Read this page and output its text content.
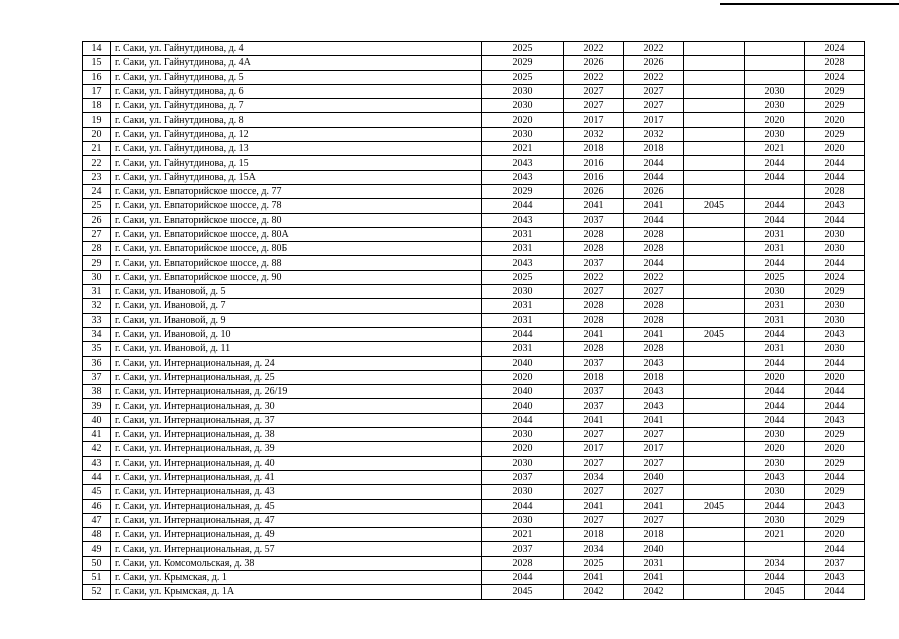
14	г. Саки, ул. Гайнутдинова, д. 4	2025	2022	2022			2024
15	г. Саки, ул. Гайнутдинова, д. 4А	2029	2026	2026			2028
16	г. Саки, ул. Гайнутдинова, д. 5	2025	2022	2022			2024
17	г. Саки, ул. Гайнутдинова, д. 6	2030	2027	2027		2030	2029
18	г. Саки, ул. Гайнутдинова, д. 7	2030	2027	2027		2030	2029
19	г. Саки, ул. Гайнутдинова, д. 8	2020	2017	2017		2020	2020
20	г. Саки, ул. Гайнутдинова, д. 12	2030	2032	2032		2030	2029
21	г. Саки, ул. Гайнутдинова, д. 13	2021	2018	2018		2021	2020
22	г. Саки, ул. Гайнутдинова, д. 15	2043	2016	2044		2044	2044
23	г. Саки, ул. Гайнутдинова, д. 15А	2043	2016	2044		2044	2044
24	г. Саки, ул. Евпаторийское шоссе, д. 77	2029	2026	2026			2028
25	г. Саки, ул. Евпаторийское шоссе, д. 78	2044	2041	2041	2045	2044	2043
26	г. Саки, ул. Евпаторийское шоссе, д. 80	2043	2037	2044		2044	2044
27	г. Саки, ул. Евпаторийское шоссе, д. 80А	2031	2028	2028		2031	2030
28	г. Саки, ул. Евпаторийское шоссе, д. 80Б	2031	2028	2028		2031	2030
29	г. Саки, ул. Евпаторийское шоссе, д. 88	2043	2037	2044		2044	2044
30	г. Саки, ул. Евпаторийское шоссе, д. 90	2025	2022	2022		2025	2024
31	г. Саки, ул. Ивановой, д. 5	2030	2027	2027		2030	2029
32	г. Саки, ул. Ивановой, д. 7	2031	2028	2028		2031	2030
33	г. Саки, ул. Ивановой, д. 9	2031	2028	2028		2031	2030
34	г. Саки, ул. Ивановой, д. 10	2044	2041	2041	2045	2044	2043
35	г. Саки, ул. Ивановой, д. 11	2031	2028	2028		2031	2030
36	г. Саки, ул. Интернациональная, д. 24	2040	2037	2043		2044	2044
37	г. Саки, ул. Интернациональная, д. 25	2020	2018	2018		2020	2020
38	г. Саки, ул. Интернациональная, д. 26/19	2040	2037	2043		2044	2044
39	г. Саки, ул. Интернациональная, д. 30	2040	2037	2043		2044	2044
40	г. Саки, ул. Интернациональная, д. 37	2044	2041	2041		2044	2043
41	г. Саки, ул. Интернациональная, д. 38	2030	2027	2027		2030	2029
42	г. Саки, ул. Интернациональная, д. 39	2020	2017	2017		2020	2020
43	г. Саки, ул. Интернациональная, д. 40	2030	2027	2027		2030	2029
44	г. Саки, ул. Интернациональная, д. 41	2037	2034	2040		2043	2044
45	г. Саки, ул. Интернациональная, д. 43	2030	2027	2027		2030	2029
46	г. Саки, ул. Интернациональная, д. 45	2044	2041	2041	2045	2044	2043
47	г. Саки, ул. Интернациональная, д. 47	2030	2027	2027		2030	2029
48	г. Саки, ул. Интернациональная, д. 49	2021	2018	2018		2021	2020
49	г. Саки, ул. Интернациональная, д. 57	2037	2034	2040			2044
50	г. Саки, ул. Комсомольская, д. 38	2028	2025	2031		2034	2037
51	г. Саки, ул. Крымская, д. 1	2044	2041	2041		2044	2043
52	г. Саки, ул. Крымская, д. 1А	2045	2042	2042		2045	2044
